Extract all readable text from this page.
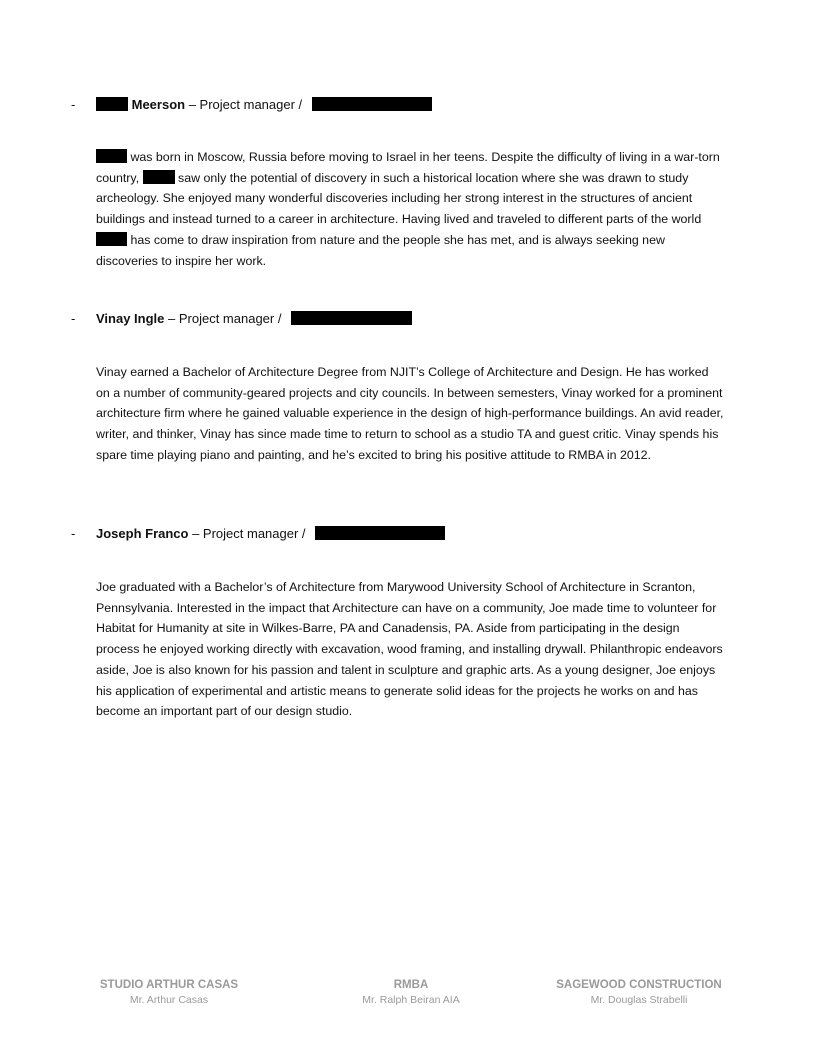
-	Meerson – Project manager /
was born in Moscow, Russia before moving to Israel in her teens. Despite the difficulty of living in a war-torn country,	saw only the potential of discovery in such a historical location where she was drawn to study archeology. She enjoyed many wonderful discoveries including her strong interest in the structures of ancient buildings and instead turned to a career in architecture. Having lived and traveled to different parts of the world  has come to draw inspiration from nature and the people she has met, and is always seeking new discoveries to inspire her work.
- Vinay Ingle – Project manager /
Vinay earned a Bachelor of Architecture Degree from NJIT’s College of Architecture and Design. He has worked on a number of community-geared projects and city councils. In between semesters, Vinay worked for a prominent architecture firm where he gained valuable experience in the design of high-performance buildings. An avid reader, writer, and thinker, Vinay has since made time to return to school as a studio TA and guest critic. Vinay spends his spare time playing piano and painting, and he’s excited to bring his positive attitude to RMBA in 2012.
- Joseph Franco – Project manager /
Joe graduated with a Bachelor’s of Architecture from Marywood University School of Architecture in Scranton, Pennsylvania. Interested in the impact that Architecture can have on a community, Joe made time to volunteer for Habitat for Humanity at site in Wilkes-Barre, PA and Canadensis, PA. Aside from participating in the design process he enjoyed working directly with excavation, wood framing, and installing drywall. Philanthropic endeavors aside, Joe is also known for his passion and talent in sculpture and graphic arts. As a young designer, Joe enjoys his application of experimental and artistic means to generate solid ideas for the projects he works on and has become an important part of our design studio.
STUDIO ARTHUR CASAS
Mr. Arthur Casas
RMBA
Mr. Ralph Beiran AIA
SAGEWOOD CONSTRUCTION
Mr. Douglas Strabelli
